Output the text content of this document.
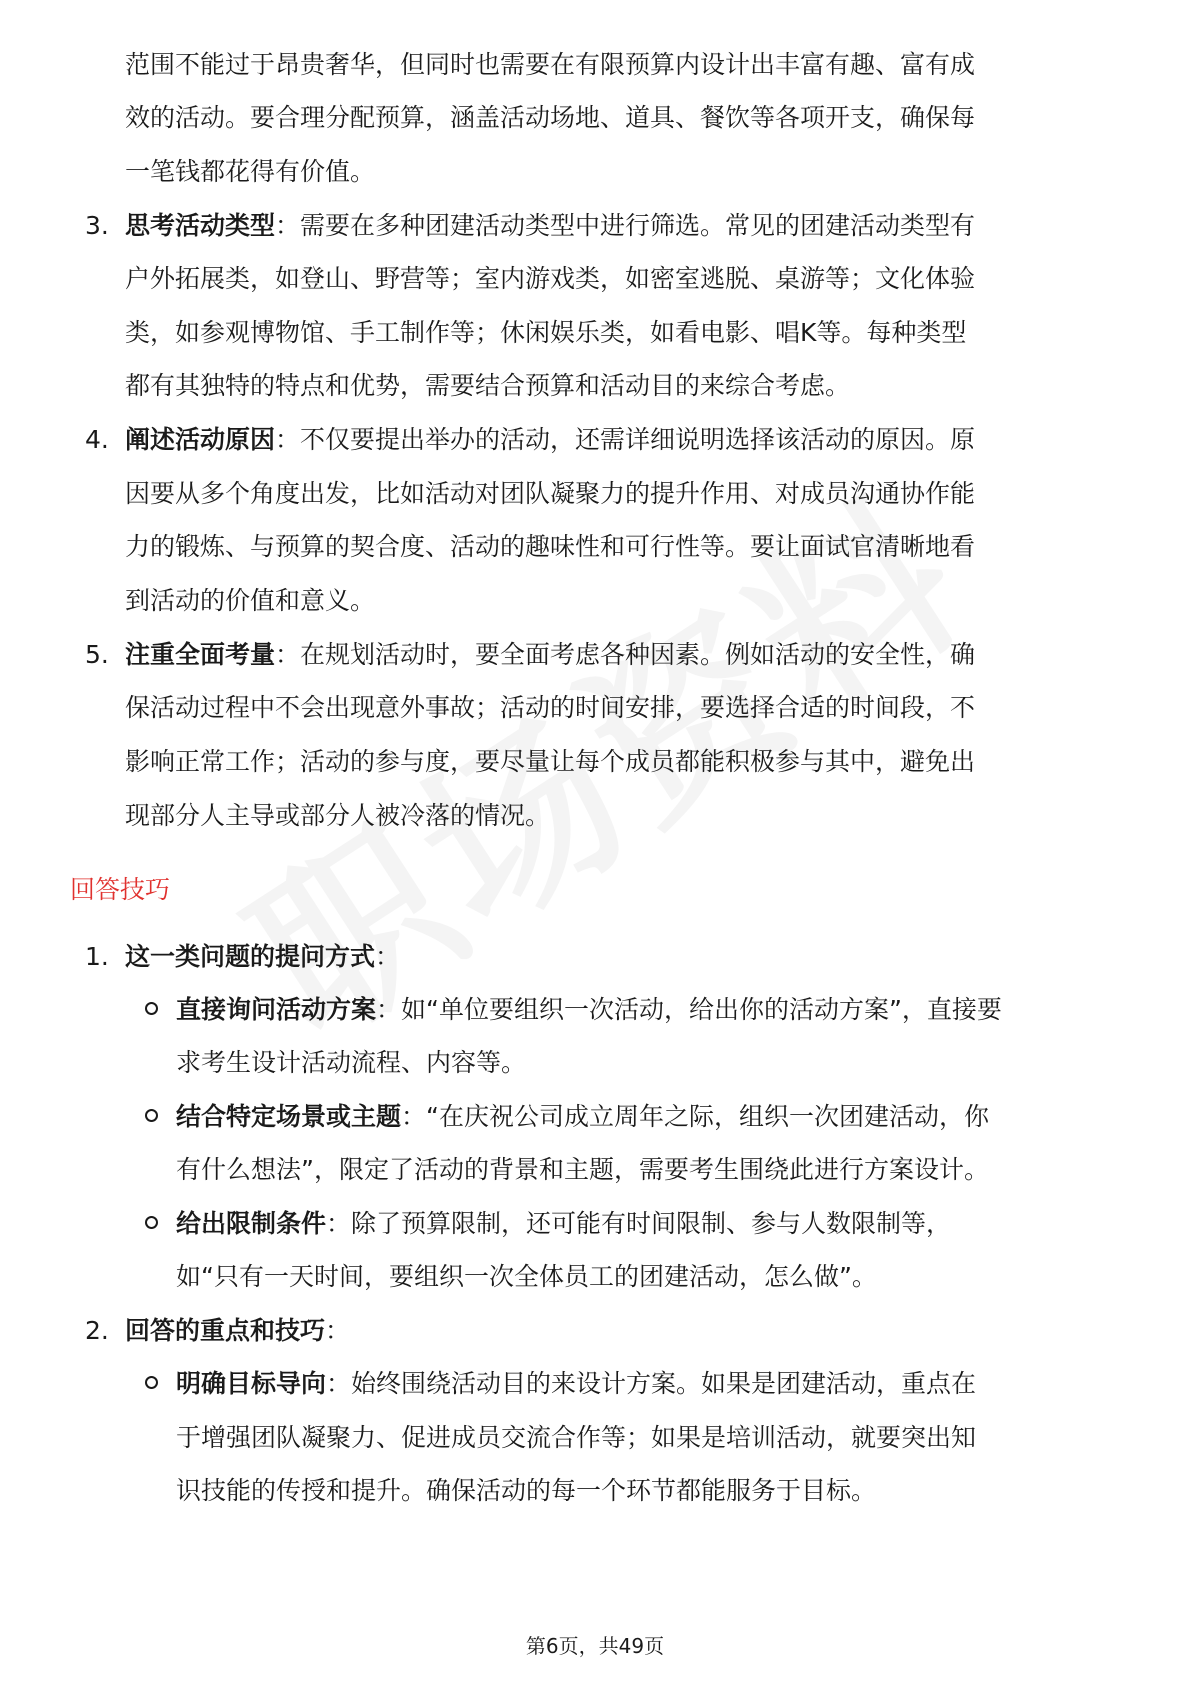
范围不能过于昂贵奢华，但同时也需要在有限预算内设计出丰富有趣、富有成
效的活动。要合理分配预算，涵盖活动场地、道具、餐饮等各项开支，确保每
一笔钱都花得有价值。
3. 思考活动类型：需要在多种团建活动类型中进行筛选。常见的团建活动类型有
户外拓展类，如登山、野营等；室内游戏类，如密室逃脱、桌游等；文化体验
类，如参观博物馆、手工制作等；休闲娱乐类，如看电影、唱K等。每种类型
都有其独特的特点和优势，需要结合预算和活动目的来综合考虑。
4. 阐述活动原因：不仅要提出举办的活动，还需详细说明选择该活动的原因。原
因要从多个角度出发，比如活动对团队凝聚力的提升作用、对成员沟通协作能
力的锻炼、与预算的契合度、活动的趣味性和可行性等。要让面试官清晰地看
到活动的价值和意义。
5. 注重全面考量：在规划活动时，要全面考虑各种因素。例如活动的安全性，确
保活动过程中不会出现意外事故；活动的时间安排，要选择合适的时间段，不
影响正常工作；活动的参与度，要尽量让每个成员都能积极参与其中，避免出
现部分人主导或部分人被冷落的情况。
回答技巧
1. 这一类问题的提问方式：
直接询问活动方案：如“单位要组织一次活动，给出你的活动方案”，直接要
求考生设计活动流程、内容等。
结合特定场景或主题：“在庆祝公司成立周年之际，组织一次团建活动，你
有什么想法”，限定了活动的背景和主题，需要考生围绕此进行方案设计。
给出限制条件：除了预算限制，还可能有时间限制、参与人数限制等，
如“只有一天时间，要组织一次全体员工的团建活动，怎么做”。
2. 回答的重点和技巧：
明确目标导向：始终围绕活动目的来设计方案。如果是团建活动，重点在
于增强团队凝聚力、促进成员交流合作等；如果是培训活动，就要突出知
识技能的传授和提升。确保活动的每一个环节都能服务于目标。
第6页，共49页
